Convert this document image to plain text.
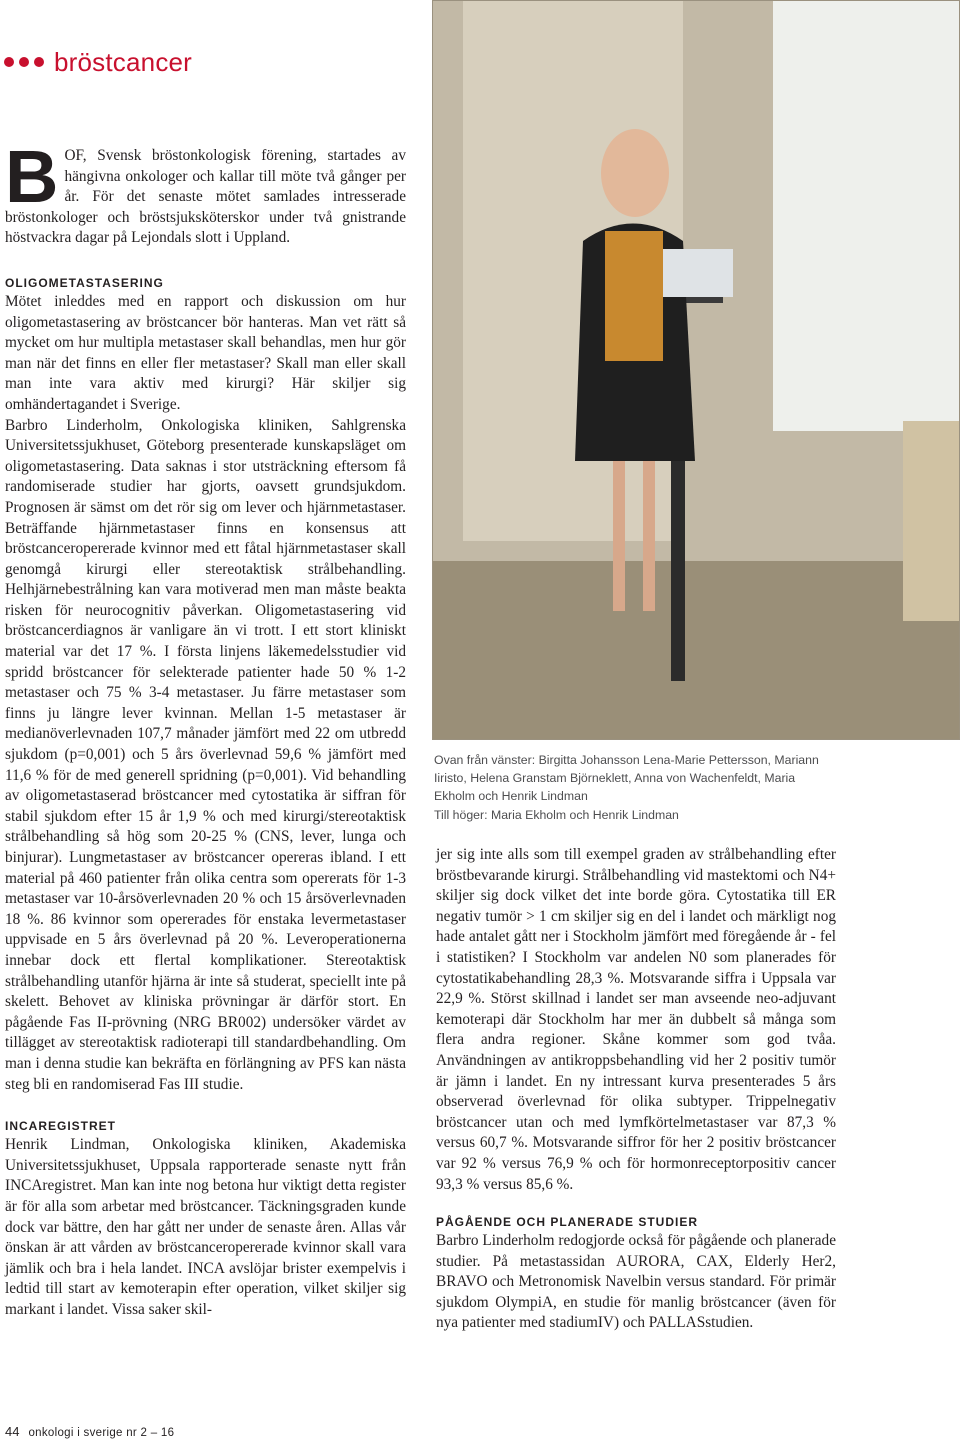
bröstcancer

Ovan från vänster: Birgitta Johansson Lena-Marie Pettersson, Mariann Iiristo, Helena Granstam Björneklett, Anna von Wachenfeldt, Maria Ekholm och Henrik Lindman

Till höger: Maria Ekholm och Henrik Lindman

BOF, Svensk bröstonkologisk förening, startades av hängivna onkologer och kallar till möte två gånger per år. För det senaste mötet samlades intresserade bröstonkologer och bröstsjuksköterskor under två gnistrande höstvackra dagar på Lejondals slott i Uppland.

OLIGOMETASTASERING

Mötet inleddes med en rapport och diskussion om hur oligometastasering av bröstcancer bör hanteras. Man vet rätt så mycket om hur multipla metastaser skall behandlas, men hur gör man när det finns en eller fler metastaser? Skall man eller skall man inte vara aktiv med kirurgi? Här skiljer sig omhändertagandet i Sverige.

Barbro Linderholm, Onkologiska kliniken, Sahlgrenska Universitetssjukhuset, Göteborg presenterade kunskapsläget om oligometastasering. Data saknas i stor utsträckning eftersom få randomiserade studier har gjorts, oavsett grundsjukdom. Prognosen är sämst om det rör sig om lever och hjärnmetastaser. Beträffande hjärnmetastaser finns en konsensus att bröstcanceropererade kvinnor med ett fåtal hjärnmetastaser skall genomgå kirurgi eller stereotaktisk strålbehandling. Helhjärnebestrålning kan vara motiverad men man måste beakta risken för neurocognitiv påverkan. Oligometastasering vid bröstcancerdiagnos är vanligare än vi trott. I ett stort kliniskt material var det 17 %. I första linjens läkemedelsstudier vid spridd bröstcancer för selekterade patienter hade 50 % 1-2 metastaser och 75 % 3-4 metastaser. Ju färre metastaser som finns ju längre lever kvinnan. Mellan 1-5 metastaser är medianöverlevnaden 107,7 månader jämfört med 22 om utbredd sjukdom (p=0,001) och 5 års överlevnad 59,6 % jämfört med 11,6 % för de med generell spridning (p=0,001). Vid behandling av oligometastaserad bröstcancer med cytostatika är siffran för stabil sjukdom efter 15 år 1,9 % och med kirurgi/stereotaktisk strålbehandling så hög som 20-25 % (CNS, lever, lunga och binjurar). Lungmetastaser av bröstcancer opereras ibland. I ett material på 460 patienter från olika centra som opererats för 1-3 metastaser var 10-årsöverlevnaden 20 % och 15 årsöverlevnaden 18 %. 86 kvinnor som opererades för enstaka levermetastaser uppvisade en 5 års överlevnad på 20 %. Leveroperationerna innebar dock ett flertal komplikationer. Stereotaktisk strålbehandling utanför hjärna är inte så studerat, speciellt inte på skelett. Behovet av kliniska prövningar är därför stort. En pågående Fas II-prövning (NRG BR002) undersöker värdet av tillägget av stereotaktisk radioterapi till standardbehandling. Om man i denna studie kan bekräfta en förlängning av PFS kan nästa steg bli en randomiserad Fas III studie.

INCAREGISTRET

Henrik Lindman, Onkologiska kliniken, Akademiska Universitetssjukhuset, Uppsala rapporterade senaste nytt från INCAregistret. Man kan inte nog betona hur viktigt detta register är för alla som arbetar med bröstcancer. Täckningsgraden kunde dock var bättre, den har gått ner under de senaste åren. Allas vår önskan är att vården av bröstcanceropererade kvinnor skall vara jämlik och bra i hela landet. INCA avslöjar brister exempelvis i ledtid till start av kemoterapin efter operation, vilket skiljer sig markant i landet. Vissa saker skil-

jer sig inte alls som till exempel graden av strålbehandling efter bröstbevarande kirurgi. Strålbehandling vid mastektomi och N4+ skiljer sig dock vilket det inte borde göra. Cytostatika till ER negativ tumör > 1 cm skiljer sig en del i landet och märkligt nog hade antalet gått ner i Stockholm jämfört med föregående år - fel i statistiken? I Stockholm var andelen N0 som planerades för cytostatikabehandling 28,3 %. Motsvarande siffra i Uppsala var 22,9 %. Störst skillnad i landet ser man avseende neo-adjuvant kemoterapi där Stockholm har mer än dubbelt så många som flera andra regioner. Skåne kommer som god tvåa. Användningen av antikroppsbehandling vid her 2 positiv tumör är jämn i landet. En ny intressant kurva presenterades 5 års observerad överlevnad för olika subtyper. Trippelnegativ bröstcancer utan och med lymfkörtelmetastaser var 87,3 % versus 60,7 %. Motsvarande siffror för her 2 positiv bröstcancer var 92 % versus 76,9 % och för hormonreceptorpositiv cancer 93,3 % versus 85,6 %.

PÅGÅENDE OCH PLANERADE STUDIER

Barbro Linderholm redogjorde också för pågående och planerade studier. På metastassidan AURORA, CAX, Elderly Her2, BRAVO och Metronomisk Navelbin versus standard. För primär sjukdom OlympiA, en studie för manlig bröstcancer (även för nya patienter med stadiumIV) och PALLASstudien.

44 onkologi i sverige nr 2 – 16
